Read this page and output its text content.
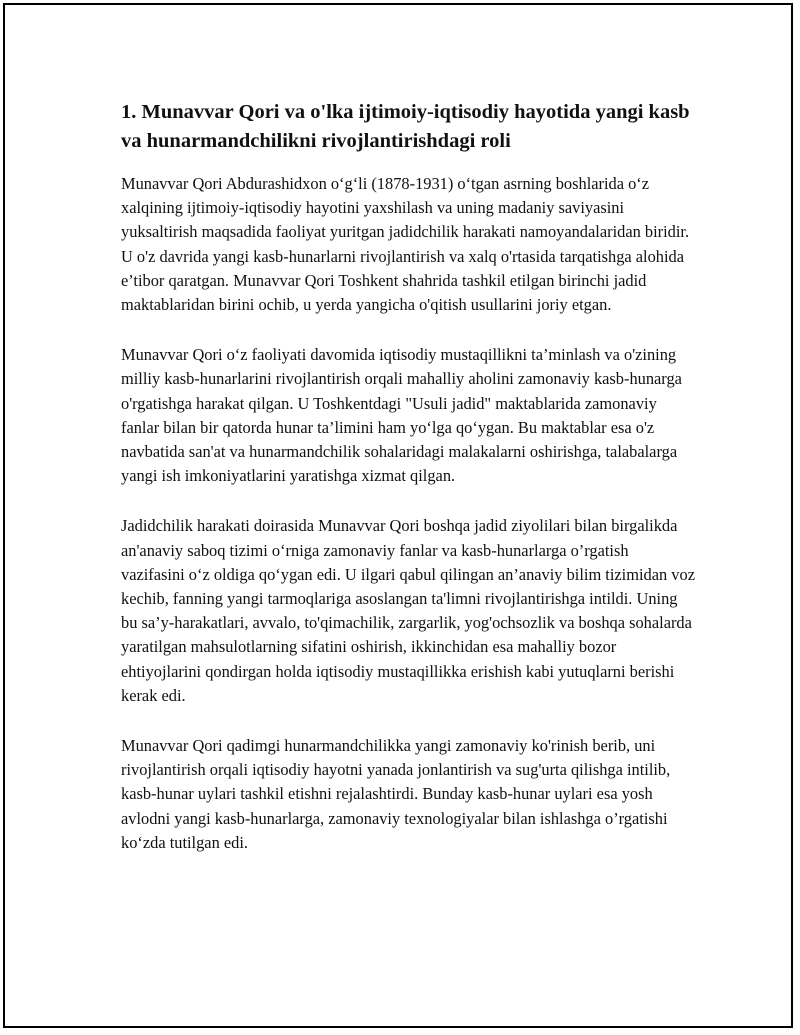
1. Munavvar Qori va o'lka ijtimoiy-iqtisodiy hayotida yangi kasb va hunarmandchilikni rivojlantirishdagi roli

Munavvar Qori Abdurashidxon o‘g‘li (1878-1931) o‘tgan asrning boshlarida o‘z xalqining ijtimoiy-iqtisodiy hayotini yaxshilash va uning madaniy saviyasini yuksaltirish maqsadida faoliyat yuritgan jadidchilik harakati namoyandalaridan biridir. U o'z davrida yangi kasb-hunarlarni rivojlantirish va xalq o'rtasida tarqatishga alohida e’tibor qaratgan. Munavvar Qori Toshkent shahrida tashkil etilgan birinchi jadid maktablaridan birini ochib, u yerda yangicha o'qitish usullarini joriy etgan.

Munavvar Qori o‘z faoliyati davomida iqtisodiy mustaqillikni ta’minlash va o'zining milliy kasb-hunarlarini rivojlantirish orqali mahalliy aholini zamonaviy kasb-hunarga o'rgatishga harakat qilgan. U Toshkentdagi "Usuli jadid" maktablarida zamonaviy fanlar bilan bir qatorda hunar ta’limini ham yo‘lga qo‘ygan. Bu maktablar esa o'z navbatida san'at va hunarmandchilik sohalaridagi malakalarni oshirishga, talabalarga yangi ish imkoniyatlarini yaratishga xizmat qilgan.

Jadidchilik harakati doirasida Munavvar Qori boshqa jadid ziyolilari bilan birgalikda an'anaviy saboq tizimi o‘rniga zamonaviy fanlar va kasb-hunarlarga o’rgatish vazifasini o‘z oldiga qo‘ygan edi. U ilgari qabul qilingan an’anaviy bilim tizimidan voz kechib, fanning yangi tarmoqlariga asoslangan ta'limni rivojlantirishga intildi. Uning bu sa’y-harakatlari, avvalo, to'qimachilik, zargarlik, yog'ochsozlik va boshqa sohalarda yaratilgan mahsulotlarning sifatini oshirish, ikkinchidan esa mahalliy bozor ehtiyojlarini qondirgan holda iqtisodiy mustaqillikka erishish kabi yutuqlarni berishi kerak edi.

Munavvar Qori qadimgi hunarmandchilikka yangi zamonaviy ko'rinish berib, uni rivojlantirish orqali iqtisodiy hayotni yanada jonlantirish va sug'urta qilishga intilib, kasb-hunar uylari tashkil etishni rejalashtirdi. Bunday kasb-hunar uylari esa yosh avlodni yangi kasb-hunarlarga, zamonaviy texnologiyalar bilan ishlashga o’rgatishi ko‘zda tutilgan edi.
